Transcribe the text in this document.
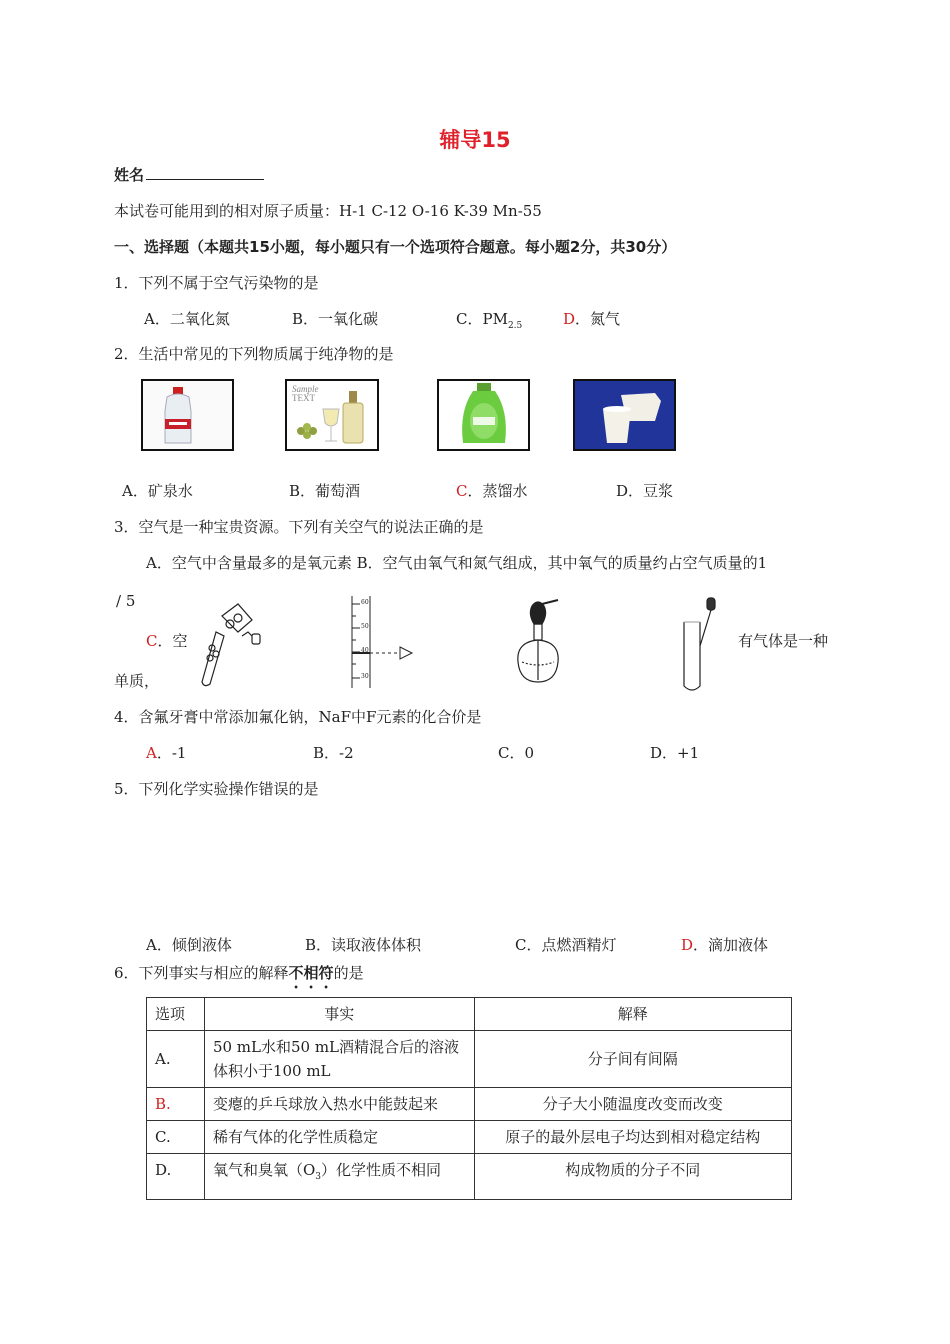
辅导15
姓名
本试卷可能用到的相对原子质量：H-1 C-12 O-16 K-39 Mn-55
一、选择题（本题共15小题，每小题只有一个选项符合题意。每小题2分，共30分）
1．下列不属于空气污染物的是
A．二氧化氮	B．一氧化碳	C．$PM_{2.5}$	D．氮气
2．生活中常见的下列物质属于纯净物的是
Sample
TEXT
A．矿泉水	B．葡萄酒	C．蒸馏水	D．豆浆
3．空气是一种宝贵资源。下列有关空气的说法正确的是
A．空气中含量最多的是氧元素 B．空气由氧气和氮气组成，其中氧气的质量约占空气质量的1
/ 5
C．空	有气体是一种
单质，
60
50
40
30
4．含氟牙膏中常添加氟化钠，NaF中F元素的化合价是
A．-1	B．-2	C．0	D．+1
5．下列化学实验操作错误的是
A．倾倒液体	B．读取液体体积	C．点燃酒精灯	D．滴加液体
6．下列事实与相应的解释不相符的是
选项	事实	解释
A.	50 mL水和50 mL酒精混合后的溶液体积小于100 mL	分子间有间隔
B.	变瘪的乒乓球放入热水中能鼓起来	分子大小随温度改变而改变
C.	稀有气体的化学性质稳定	原子的最外层电子均达到相对稳定结构
D.	氧气和臭氧$(O_3)$化学性质不相同	构成物质的分子不同
